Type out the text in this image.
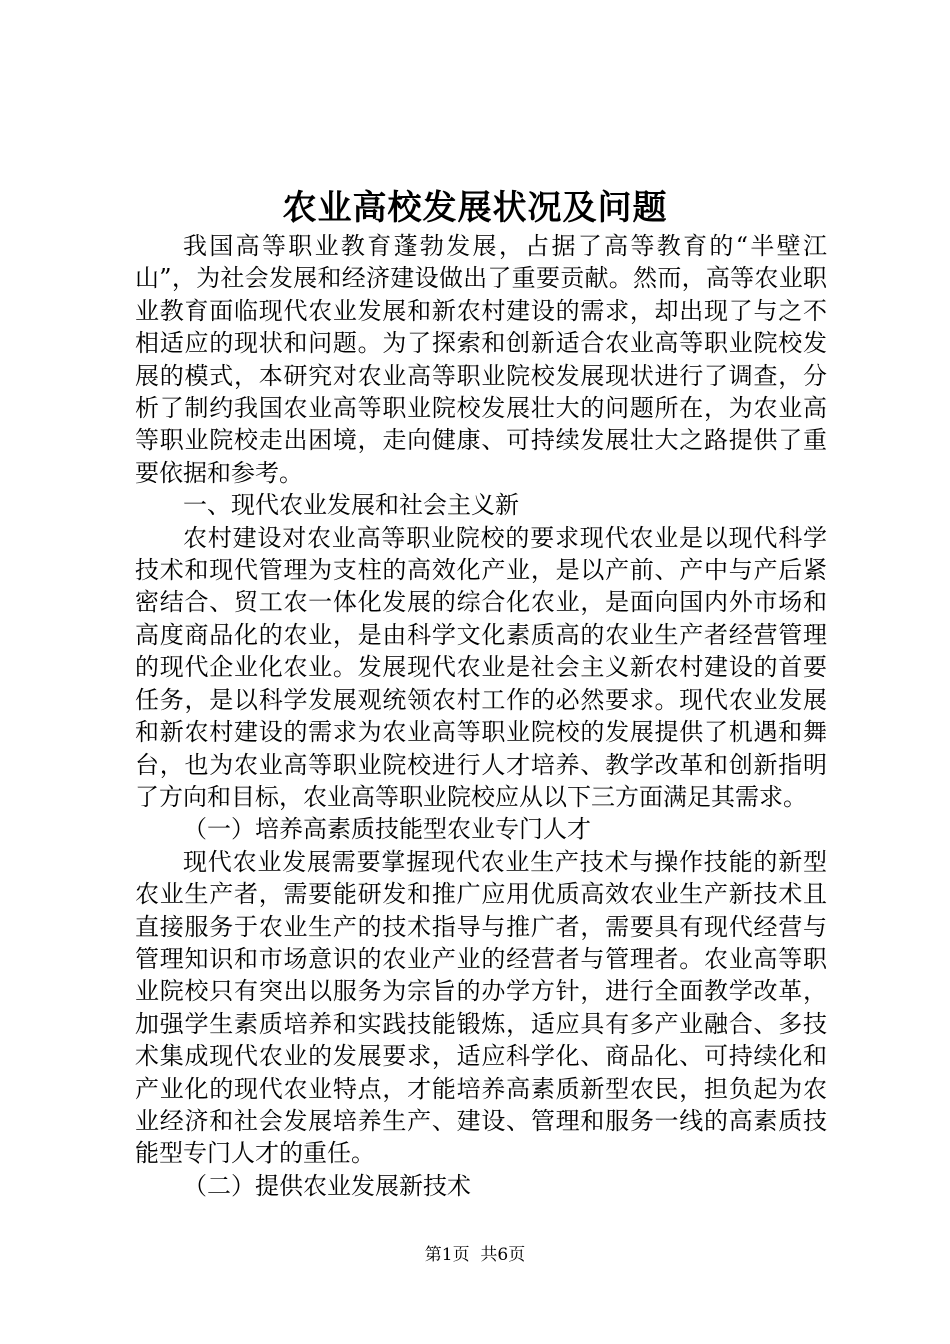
农业高校发展状况及问题

我国高等职业教育蓬勃发展，占据了高等教育的“半壁江山”，为社会发展和经济建设做出了重要贡献。然而，高等农业职业教育面临现代农业发展和新农村建设的需求，却出现了与之不相适应的现状和问题。为了探索和创新适合农业高等职业院校发展的模式，本研究对农业高等职业院校发展现状进行了调查，分析了制约我国农业高等职业院校发展壮大的问题所在，为农业高等职业院校走出困境，走向健康、可持续发展壮大之路提供了重要依据和参考。

一、现代农业发展和社会主义新

农村建设对农业高等职业院校的要求现代农业是以现代科学技术和现代管理为支柱的高效化产业，是以产前、产中与产后紧密结合、贸工农一体化发展的综合化农业，是面向国内外市场和高度商品化的农业，是由科学文化素质高的农业生产者经营管理的现代企业化农业。发展现代农业是社会主义新农村建设的首要任务，是以科学发展观统领农村工作的必然要求。现代农业发展和新农村建设的需求为农业高等职业院校的发展提供了机遇和舞台，也为农业高等职业院校进行人才培养、教学改革和创新指明了方向和目标，农业高等职业院校应从以下三方面满足其需求。

（一）培养高素质技能型农业专门人才

现代农业发展需要掌握现代农业生产技术与操作技能的新型农业生产者，需要能研发和推广应用优质高效农业生产新技术且直接服务于农业生产的技术指导与推广者，需要具有现代经营与管理知识和市场意识的农业产业的经营者与管理者。农业高等职业院校只有突出以服务为宗旨的办学方针，进行全面教学改革，加强学生素质培养和实践技能锻炼，适应具有多产业融合、多技术集成现代农业的发展要求，适应科学化、商品化、可持续化和产业化的现代农业特点，才能培养高素质新型农民，担负起为农业经济和社会发展培养生产、建设、管理和服务一线的高素质技能型专门人才的重任。

（二）提供农业发展新技术

第1页 共6页
